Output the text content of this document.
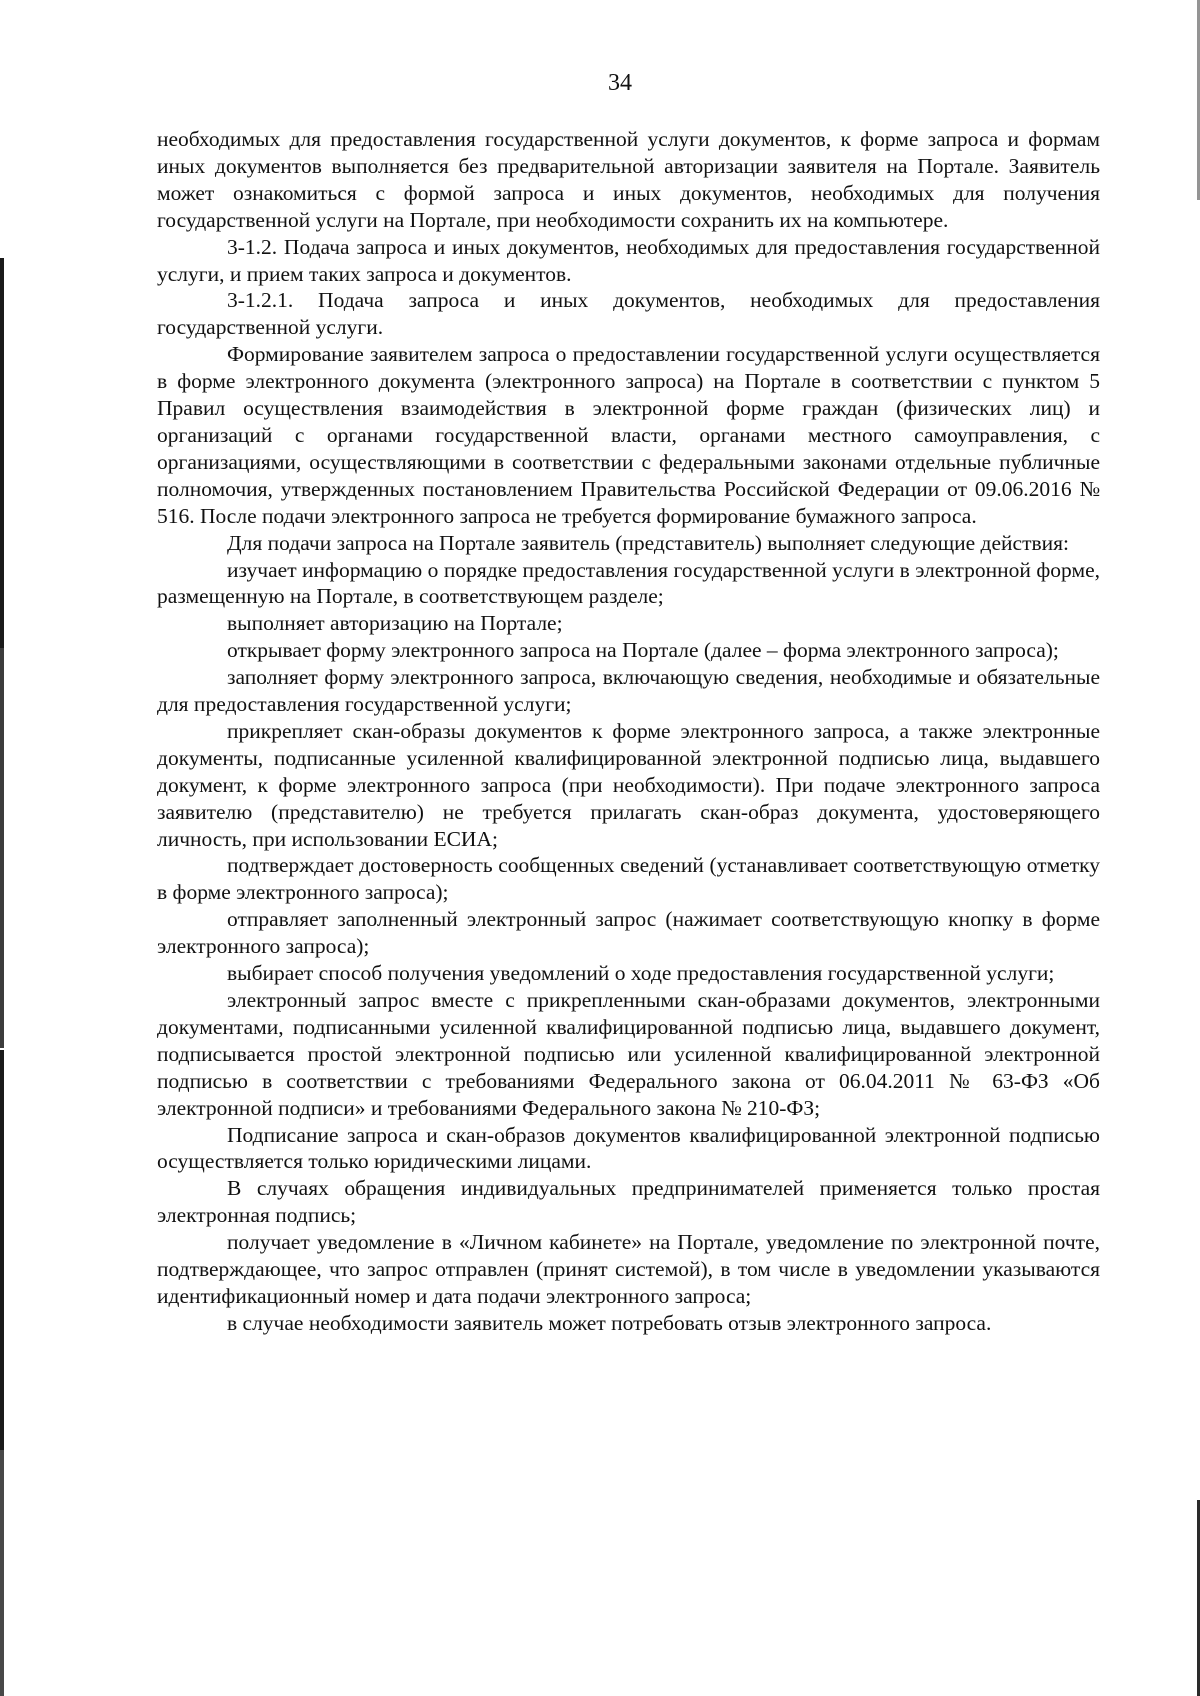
34

необходимых для предоставления государственной услуги документов, к форме запроса и формам иных документов выполняется без предварительной авторизации заявителя на Портале. Заявитель может ознакомиться с формой запроса и иных документов, необходимых для получения государственной услуги на Портале, при необходимости сохранить их на компьютере.

3-1.2. Подача запроса и иных документов, необходимых для предоставления государственной услуги, и прием таких запроса и документов.

3-1.2.1. Подача запроса и иных документов, необходимых для предоставления государственной услуги.

Формирование заявителем запроса о предоставлении государственной услуги осуществляется в форме электронного документа (электронного запроса) на Портале в соответствии с пунктом 5 Правил осуществления взаимодействия в электронной форме граждан (физических лиц) и организаций с органами государственной власти, органами местного самоуправления, с организациями, осуществляющими в соответствии с федеральными законами отдельные публичные полномочия, утвержденных постановлением Правительства Российской Федерации от 09.06.2016 № 516. После подачи электронного запроса не требуется формирование бумажного запроса.

Для подачи запроса на Портале заявитель (представитель) выполняет следующие действия:

изучает информацию о порядке предоставления государственной услуги в электронной форме, размещенную на Портале, в соответствующем разделе;

выполняет авторизацию на Портале;

открывает форму электронного запроса на Портале (далее – форма электронного запроса);

заполняет форму электронного запроса, включающую сведения, необходимые и обязательные для предоставления государственной услуги;

прикрепляет скан-образы документов к форме электронного запроса, а также электронные документы, подписанные усиленной квалифицированной электронной подписью лица, выдавшего документ, к форме электронного запроса (при необходимости). При подаче электронного запроса заявителю (представителю) не требуется прилагать скан-образ документа, удостоверяющего личность, при использовании ЕСИА;

подтверждает достоверность сообщенных сведений (устанавливает соответствующую отметку в форме электронного запроса);

отправляет заполненный электронный запрос (нажимает соответствующую кнопку в форме электронного запроса);

выбирает способ получения уведомлений о ходе предоставления государственной услуги;

электронный запрос вместе с прикрепленными скан-образами документов, электронными документами, подписанными усиленной квалифицированной подписью лица, выдавшего документ, подписывается простой электронной подписью или усиленной квалифицированной электронной подписью в соответствии с требованиями Федерального закона от 06.04.2011 № 63-ФЗ «Об электронной подписи» и требованиями Федерального закона № 210-ФЗ;

Подписание запроса и скан-образов документов квалифицированной электронной подписью осуществляется только юридическими лицами.

В случаях обращения индивидуальных предпринимателей применяется только простая электронная подпись;

получает уведомление в «Личном кабинете» на Портале, уведомление по электронной почте, подтверждающее, что запрос отправлен (принят системой), в том числе в уведомлении указываются идентификационный номер и дата подачи электронного запроса;

в случае необходимости заявитель может потребовать отзыв электронного запроса.
